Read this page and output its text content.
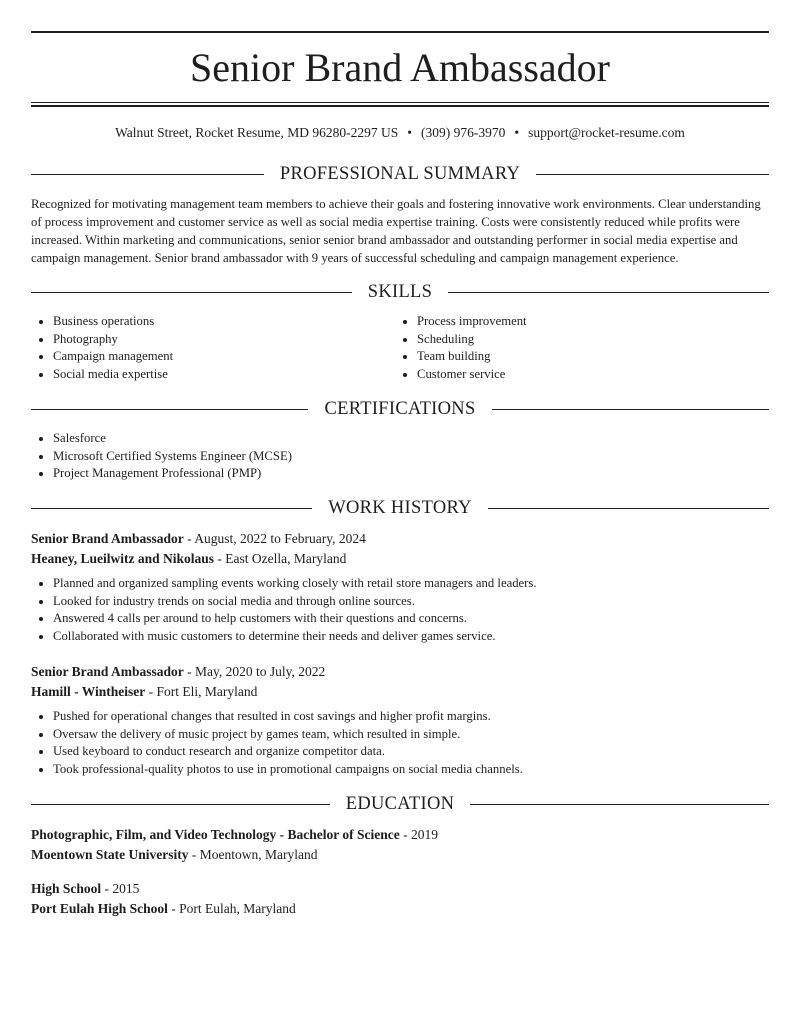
Senior Brand Ambassador
Walnut Street, Rocket Resume, MD 96280-2297 US • (309) 976-3970 • support@rocket-resume.com
PROFESSIONAL SUMMARY
Recognized for motivating management team members to achieve their goals and fostering innovative work environments. Clear understanding of process improvement and customer service as well as social media expertise training. Costs were consistently reduced while profits were increased. Within marketing and communications, senior senior brand ambassador and outstanding performer in social media expertise and campaign management. Senior brand ambassador with 9 years of successful scheduling and campaign management experience.
SKILLS
• Business operations
• Photography
• Campaign management
• Social media expertise
• Process improvement
• Scheduling
• Team building
• Customer service
CERTIFICATIONS
• Salesforce
• Microsoft Certified Systems Engineer (MCSE)
• Project Management Professional (PMP)
WORK HISTORY
Senior Brand Ambassador - August, 2022 to February, 2024
Heaney, Lueilwitz and Nikolaus - East Ozella, Maryland
• Planned and organized sampling events working closely with retail store managers and leaders.
• Looked for industry trends on social media and through online sources.
• Answered 4 calls per around to help customers with their questions and concerns.
• Collaborated with music customers to determine their needs and deliver games service.
Senior Brand Ambassador - May, 2020 to July, 2022
Hamill - Wintheiser - Fort Eli, Maryland
• Pushed for operational changes that resulted in cost savings and higher profit margins.
• Oversaw the delivery of music project by games team, which resulted in simple.
• Used keyboard to conduct research and organize competitor data.
• Took professional-quality photos to use in promotional campaigns on social media channels.
EDUCATION
Photographic, Film, and Video Technology - Bachelor of Science - 2019
Moentown State University - Moentown, Maryland
High School - 2015
Port Eulah High School - Port Eulah, Maryland
